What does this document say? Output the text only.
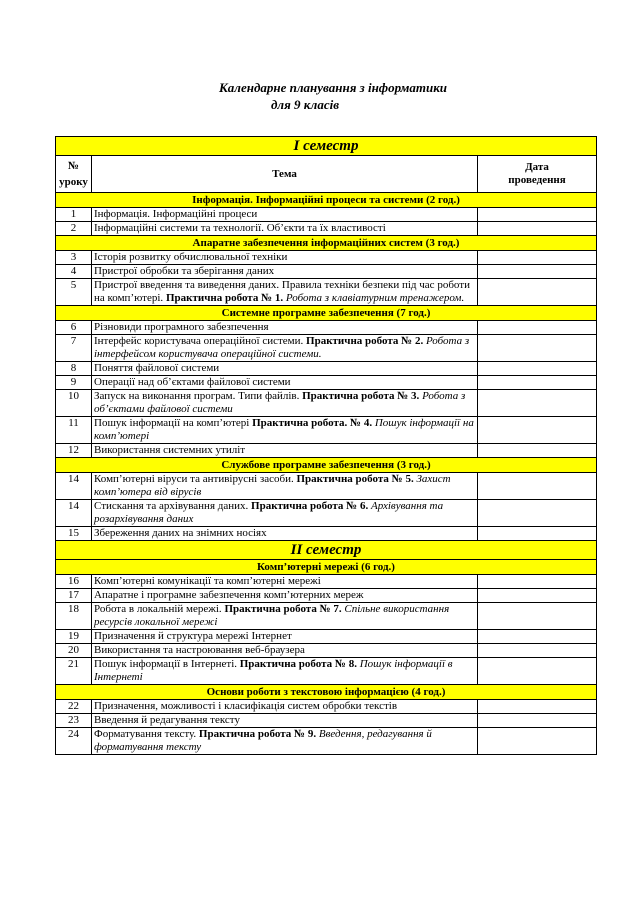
Календарне планування з інформатики
для 9 класів
I семестр		
№
уроку	Тема	Дата
проведення
Інформація. Інформаційні процеси та системи (2 год.)		
1	Інформація. Інформаційні процеси	
2	Інформаційні системи та технології. Об’єкти та їх властивості	
Апаратне забезпечення інформаційних систем (3 год.)		
3	Історія розвитку обчислювальної техніки	
4	Пристрої обробки та зберігання даних	
5	Пристрої введення та виведення даних. Правила техніки безпеки під час роботи на комп’ютері. Практична робота № 1. Робота з клавіатурним тренажером.	
Системне програмне забезпечення (7 год.)		
6	Різновиди програмного забезпечення	
7	Інтерфейс користувача операційної системи. Практична робота № 2. Робота з інтерфейсом користувача операційної системи.	
8	Поняття файлової системи	
9	Операції над об’єктами файлової системи	
10	Запуск на виконання програм. Типи файлів. Практична робота № 3. Робота з об’єктами файлової системи	
11	Пошук інформації на комп’ютері Практична робота. № 4. Пошук інформації на комп’ютері	
12	Використання системних утиліт	
Службове програмне забезпечення (3 год.)		
14	Комп’ютерні віруси та антивірусні засоби. Практична робота № 5. Захист комп’ютера від вірусів	
14	Стискання та архівування даних. Практична робота № 6. Архівування та розархівування даних	
15	Збереження даних на знімних носіях	
II семестр		
Комп’ютерні мережі (6 год.)		
16	Комп’ютерні комунікації та комп’ютерні мережі	
17	Апаратне і програмне забезпечення комп’ютерних мереж	
18	Робота в локальній мережі. Практична робота № 7. Спільне використання ресурсів локальної мережі	
19	Призначення й структура мережі Інтернет	
20	Використання та настроювання веб-браузера	
21	Пошук інформації в Інтернеті. Практична робота № 8. Пошук інформації в Інтернеті	
Основи роботи з текстовою інформацією (4 год.)		
22	Призначення, можливості і класифікація систем обробки текстів	
23	Введення й редагування тексту	
24	Форматування тексту. Практична робота № 9. Введення, редагування й форматування тексту	
